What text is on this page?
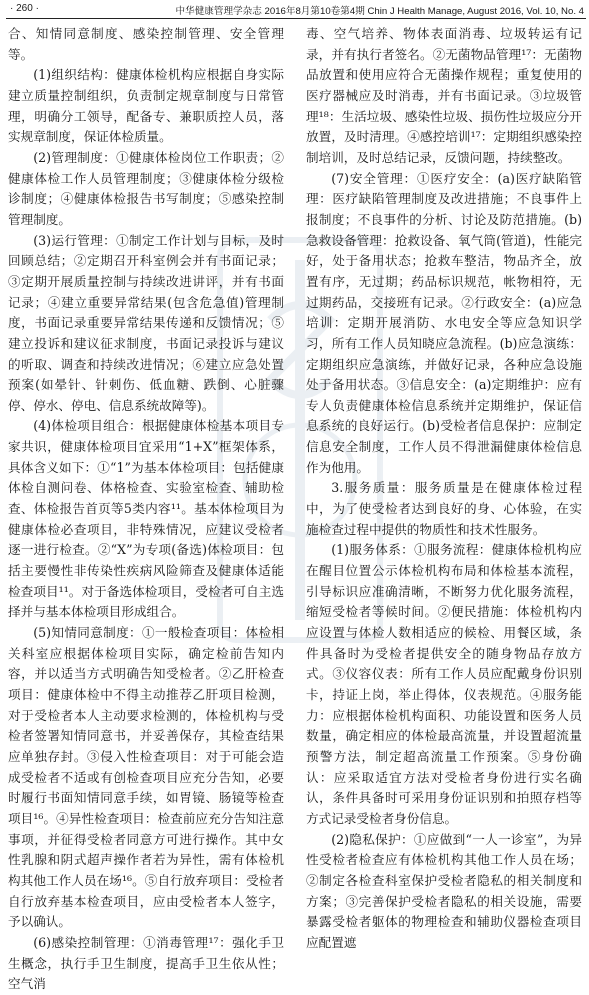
· 260 ·	中华健康管理学杂志 2016年8月第10卷第4期 Chin J Health Manage, August 2016, Vol. 10, No. 4

合、知情同意制度、感染控制管理、安全管理等。

(1)组织结构：健康体检机构应根据自身实际建立质量控制组织，负责制定规章制度与日常管理，明确分工领导，配备专、兼职质控人员，落实规章制度，保证体检质量。

(2)管理制度：①健康体检岗位工作职责；②健康体检工作人员管理制度；③健康体检分级检诊制度；④健康体检报告书写制度；⑤感染控制管理制度。

(3)运行管理：①制定工作计划与目标，及时回顾总结；②定期召开科室例会并有书面记录；③定期开展质量控制与持续改进讲评，并有书面记录；④建立重要异常结果(包含危急值)管理制度，书面记录重要异常结果传递和反馈情况；⑤建立投诉和建议征求制度，书面记录投诉与建议的听取、调查和持续改进情况；⑥建立应急处置预案(如晕针、针刺伤、低血糖、跌倒、心脏骤停、停水、停电、信息系统故障等)。

(4)体检项目组合：根据健康体检基本项目专家共识，健康体检项目宜采用“1+X”框架体系，具体含义如下：①“1”为基本体检项目：包括健康体检自测问卷、体格检查、实验室检查、辅助检查、体检报告首页等5类内容¹¹。基本体检项目为健康体检必查项目，非特殊情况，应建议受检者逐一进行检查。②“X”为专项(备选)体检项目：包括主要慢性非传染性疾病风险筛查及健康体适能检查项目¹¹。对于备选体检项目，受检者可自主选择并与基本体检项目形成组合。

(5)知情同意制度：①一般检查项目：体检相关科室应根据体检项目实际，确定检前告知内容，并以适当方式明确告知受检者。②乙肝检查项目：健康体检中不得主动推荐乙肝项目检测，对于受检者本人主动要求检测的，体检机构与受检者签署知情同意书，并妥善保存，其检查结果应单独存封。③侵入性检查项目：对于可能会造成受检者不适或有创检查项目应充分告知，必要时履行书面知情同意手续，如胃镜、肠镜等检查项目¹⁶。④异性检查项目：检查前应充分告知注意事项，并征得受检者同意方可进行操作。其中女性乳腺和阴式超声操作者若为异性，需有体检机构其他工作人员在场¹⁶。⑤自行放弃项目：受检者自行放弃基本检查项目，应由受检者本人签字，予以确认。

(6)感染控制管理：①消毒管理¹⁷：强化手卫生概念，执行手卫生制度，提高手卫生依从性；空气消

毒、空气培养、物体表面消毒、垃圾转运有记录，并有执行者签名。②无菌物品管理¹⁷：无菌物品放置和使用应符合无菌操作规程；重复使用的医疗器械应及时消毒，并有书面记录。③垃圾管理¹⁸：生活垃圾、感染性垃圾、损伤性垃圾应分开放置，及时清理。④感控培训¹⁷：定期组织感染控制培训，及时总结记录，反馈问题，持续整改。

(7)安全管理：①医疗安全：(a)医疗缺陷管理：医疗缺陷管理制度及改进措施；不良事件上报制度；不良事件的分析、讨论及防范措施。(b)急救设备管理：抢救设备、氧气筒(管道)，性能完好，处于备用状态；抢救车整洁，物品齐全，放置有序，无过期；药品标识规范，帐物相符，无过期药品，交接班有记录。②行政安全：(a)应急培训：定期开展消防、水电安全等应急知识学习，所有工作人员知晓应急流程。(b)应急演练：定期组织应急演练，并做好记录，各种应急设施处于备用状态。③信息安全：(a)定期维护：应有专人负责健康体检信息系统并定期维护，保证信息系统的良好运行。(b)受检者信息保护：应制定信息安全制度，工作人员不得泄漏健康体检信息作为他用。

3.服务质量：服务质量是在健康体检过程中，为了使受检者达到良好的身、心体验，在实施检查过程中提供的物质性和技术性服务。

(1)服务体系：①服务流程：健康体检机构应在醒目位置公示体检机构布局和体检基本流程，引导标识应准确清晰，不断努力优化服务流程，缩短受检者等候时间。②便民措施：体检机构内应设置与体检人数相适应的候检、用餐区域，条件具备时为受检者提供安全的随身物品存放方式。③仪容仪表：所有工作人员应配戴身份识别卡，持证上岗，举止得体，仪表规范。④服务能力：应根据体检机构面积、功能设置和医务人员数量，确定相应的体检最高流量，并设置超流量预警方法，制定超高流量工作预案。⑤身份确认：应采取适宜方法对受检者身份进行实名确认，条件具备时可采用身份证识别和拍照存档等方式记录受检者身份信息。

(2)隐私保护：①应做到“一人一诊室”，为异性受检者检查应有体检机构其他工作人员在场；②制定各检查科室保护受检者隐私的相关制度和方案；③完善保护受检者隐私的相关设施，需要暴露受检者躯体的物理检查和辅助仪器检查项目应配置遮
